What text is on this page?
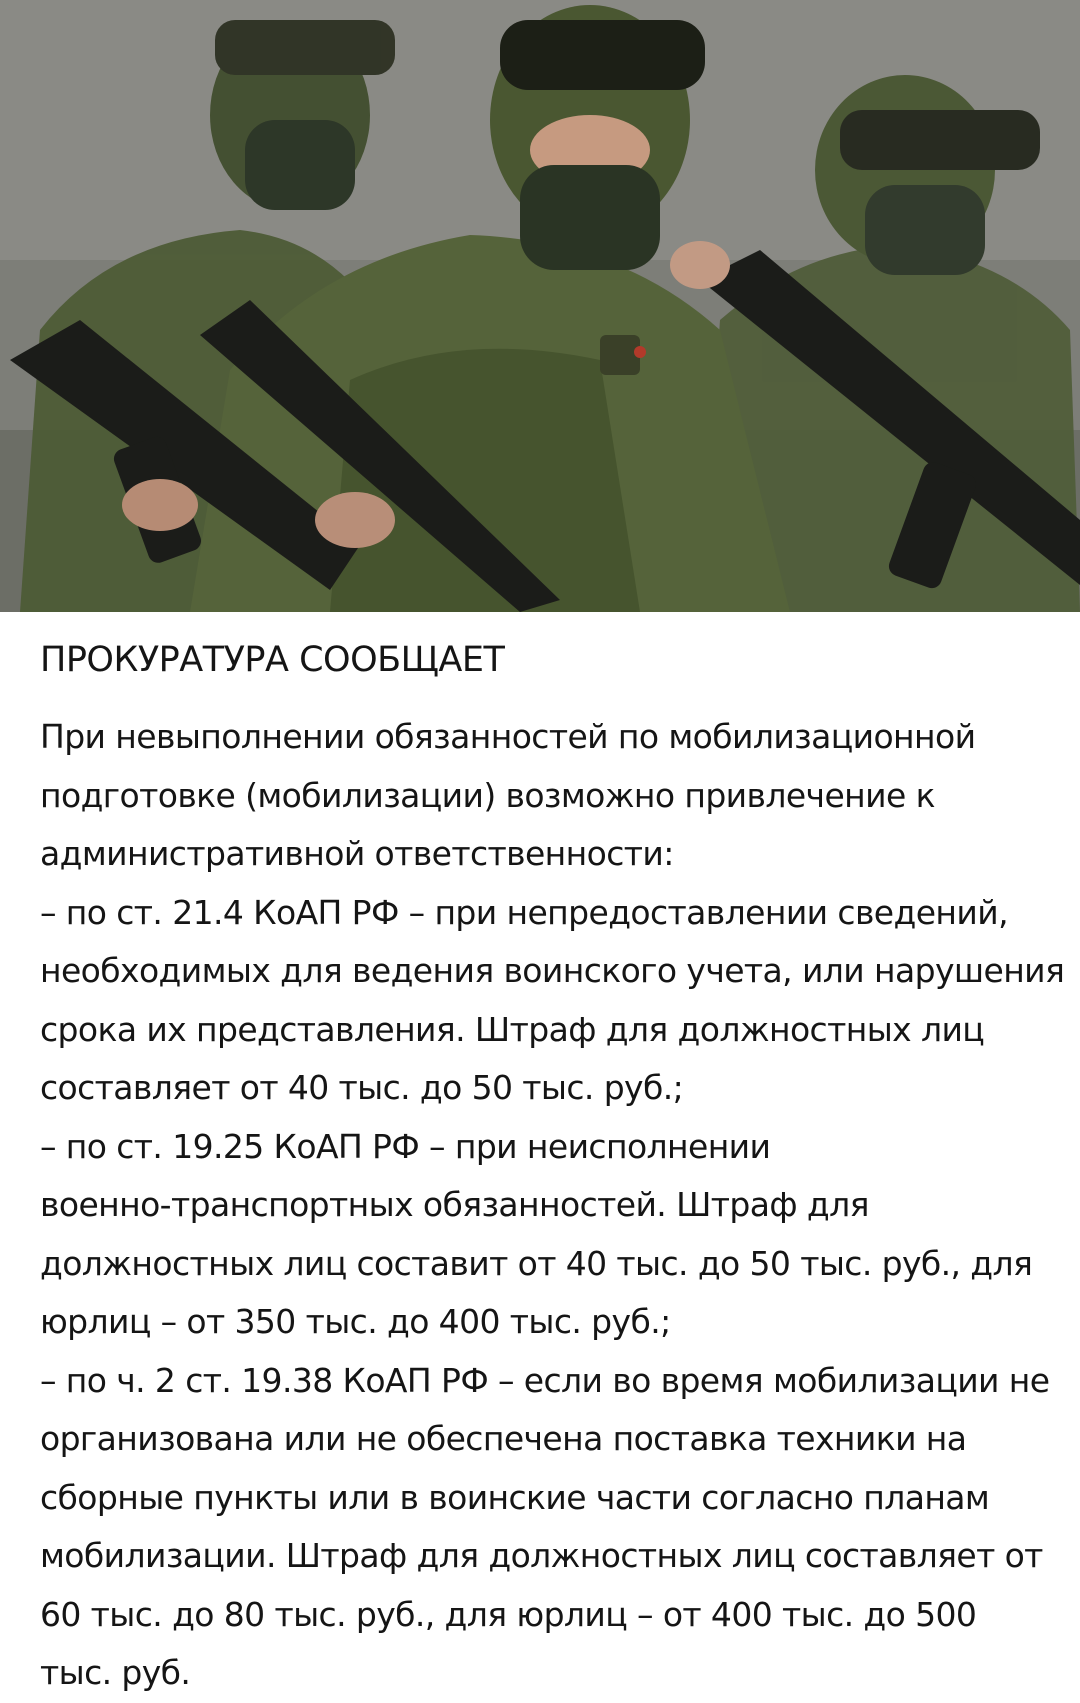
ПРОКУРАТУРА СООБЩАЕТ

При невыполнении обязанностей по мобилизационной
подготовке (мобилизации) возможно привлечение к
административной ответственности:
– по ст. 21.4 КоАП РФ – при непредоставлении сведений,
необходимых для ведения воинского учета, или нарушения
срока их представления. Штраф для должностных лиц
составляет от 40 тыс. до 50 тыс. руб.;
– по ст. 19.25 КоАП РФ – при неисполнении
военно-транспортных обязанностей. Штраф для
должностных лиц составит от 40 тыс. до 50 тыс. руб., для
юрлиц – от 350 тыс. до 400 тыс. руб.;
– по ч. 2 ст. 19.38 КоАП РФ – если во время мобилизации не
организована или не обеспечена поставка техники на
сборные пункты или в воинские части согласно планам
мобилизации. Штраф для должностных лиц составляет от
60 тыс. до 80 тыс. руб., для юрлиц – от 400 тыс. до 500
тыс. руб.
